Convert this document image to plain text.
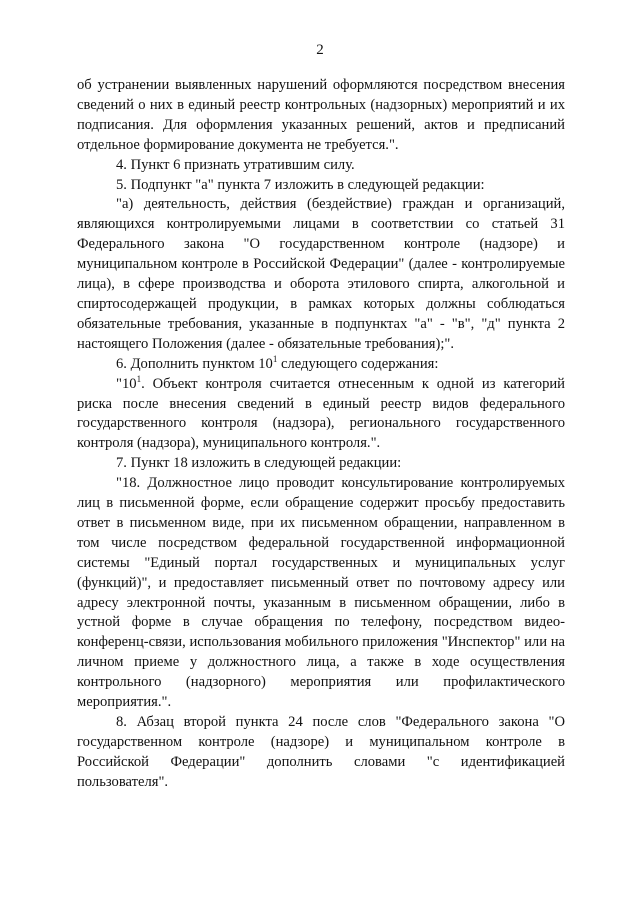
2

об устранении выявленных нарушений оформляются посредством внесения сведений о них в единый реестр контрольных (надзорных) мероприятий и их подписания. Для оформления указанных решений, актов и предписаний отдельное формирование документа не требуется.".

4. Пункт 6 признать утратившим силу.

5. Подпункт "а" пункта 7 изложить в следующей редакции:

"а) деятельность, действия (бездействие) граждан и организаций, являющихся контролируемыми лицами в соответствии со статьей 31 Федерального закона "О государственном контроле (надзоре) и муниципальном контроле в Российской Федерации" (далее - контролируемые лица), в сфере производства и оборота этилового спирта, алкогольной и спиртосодержащей продукции, в рамках которых должны соблюдаться обязательные требования, указанные в подпунктах "а" - "в", "д" пункта 2 настоящего Положения (далее - обязательные требования);".

6. Дополнить пунктом $10^1$ следующего содержания:

"$10^1$. Объект контроля считается отнесенным к одной из категорий риска после внесения сведений в единый реестр видов федерального государственного контроля (надзора), регионального государственного контроля (надзора), муниципального контроля.".

7. Пункт 18 изложить в следующей редакции:

"18. Должностное лицо проводит консультирование контролируемых лиц в письменной форме, если обращение содержит просьбу предоставить ответ в письменном виде, при их письменном обращении, направленном в том числе посредством федеральной государственной информационной системы "Единый портал государственных и муниципальных услуг (функций)", и предоставляет письменный ответ по почтовому адресу или адресу электронной почты, указанным в письменном обращении, либо в устной форме в случае обращения по телефону, посредством видео-конференц-связи, использования мобильного приложения "Инспектор" или на личном приеме у должностного лица, а также в ходе осуществления контрольного (надзорного) мероприятия или профилактического мероприятия.".

8. Абзац второй пункта 24 после слов "Федерального закона "О государственном контроле (надзоре) и муниципальном контроле в Российской Федерации" дополнить словами "с идентификацией пользователя".
